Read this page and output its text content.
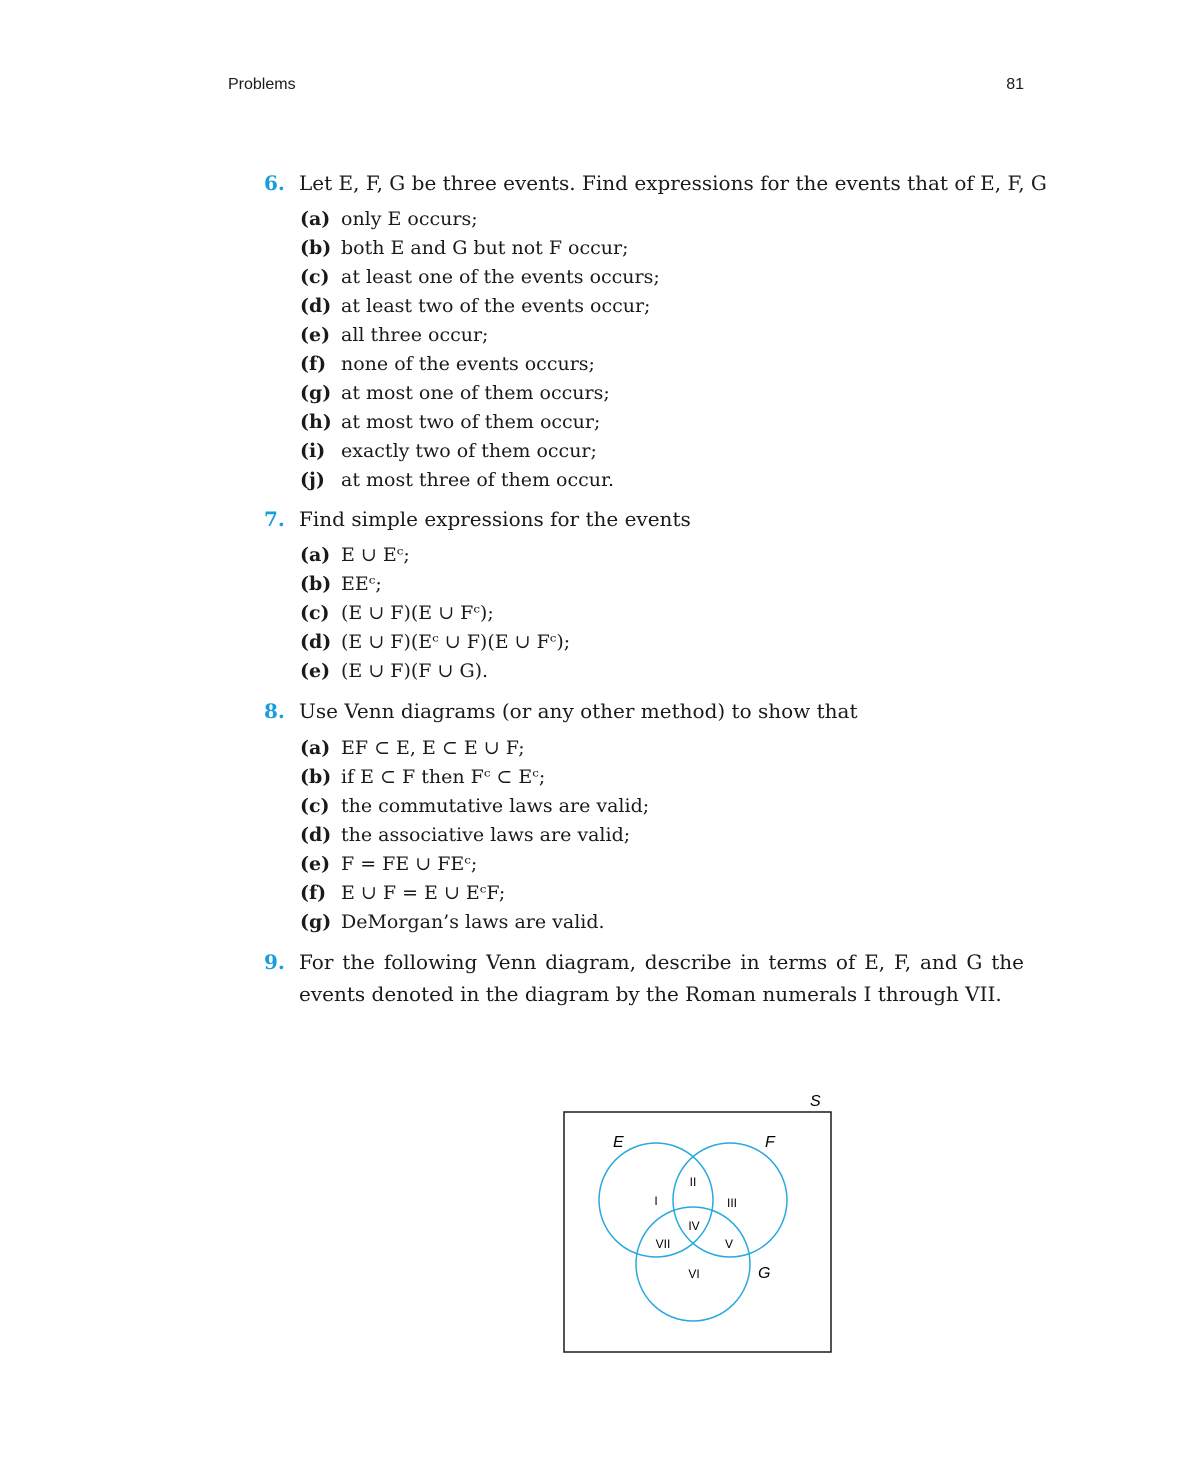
Problems	81
6. Let E, F, G be three events. Find expressions for the events that of E, F, G
(a) only E occurs;
(b) both E and G but not F occur;
(c) at least one of the events occurs;
(d) at least two of the events occur;
(e) all three occur;
(f) none of the events occurs;
(g) at most one of them occurs;
(h) at most two of them occur;
(i) exactly two of them occur;
(j) at most three of them occur.
7. Find simple expressions for the events
(a) E ∪ Eᶜ;
(b) EEᶜ;
(c) (E ∪ F)(E ∪ Fᶜ);
(d) (E ∪ F)(Eᶜ ∪ F)(E ∪ Fᶜ);
(e) (E ∪ F)(F ∪ G).
8. Use Venn diagrams (or any other method) to show that
(a) EF ⊂ E, E ⊂ E ∪ F;
(b) if E ⊂ F then Fᶜ ⊂ Eᶜ;
(c) the commutative laws are valid;
(d) the associative laws are valid;
(e) F = FE ∪ FEᶜ;
(f) E ∪ F = E ∪ EᶜF;
(g) DeMorgan’s laws are valid.
9. For the following Venn diagram, describe in terms of E, F, and G the events denoted in the diagram by the Roman numerals I through VII.
S
E	F
G
I
II
III
IV
V
VI
VII
